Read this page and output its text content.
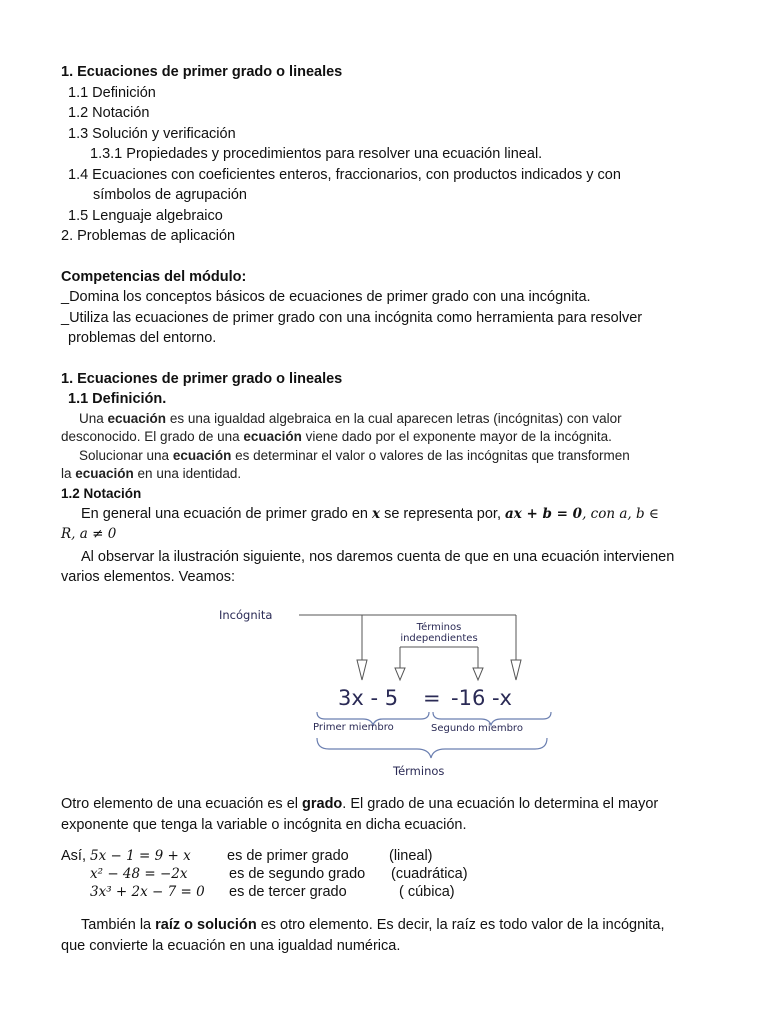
1. Ecuaciones de primer grado o lineales
1.1 Definición
1.2 Notación
1.3 Solución y verificación
1.3.1 Propiedades y procedimientos para resolver una ecuación lineal.
1.4 Ecuaciones con coeficientes enteros, fraccionarios, con productos indicados y con
símbolos de agrupación
1.5 Lenguaje algebraico
2. Problemas de aplicación
Competencias del módulo:
_Domina los conceptos básicos de ecuaciones de primer grado con una incógnita.
_Utiliza las ecuaciones de primer grado con una incógnita como herramienta para resolver
problemas del entorno.
1. Ecuaciones de primer grado o lineales
1.1 Definición.
Una ecuación es una igualdad algebraica en la cual aparecen letras (incógnitas) con valor
desconocido. El grado de una ecuación viene dado por el exponente mayor de la incógnita.
Solucionar una ecuación es determinar el valor o valores de las incógnitas que transformen
la ecuación en una identidad.
1.2 Notación
En general una ecuación de primer grado en x se representa por, ax + b = 0, con a, b ∈
R, a ≠ 0
Al observar la ilustración siguiente, nos daremos cuenta de que en una ecuación intervienen
varios elementos. Veamos:
Incógnita
Términos
independientes
3x - 5 = -16 -x
Primer miembro	Segundo miembro
Términos
Otro elemento de una ecuación es el grado. El grado de una ecuación lo determina el mayor
exponente que tenga la variable o incógnita en dicha ecuación.
Así, 5x − 1 = 9 + x	es de primer grado	(lineal)
x² − 48 = −2x	es de segundo grado	(cuadrática)
3x³ + 2x − 7 = 0	es de tercer grado	( cúbica)
También la raíz o solución es otro elemento. Es decir, la raíz es todo valor de la incógnita,
que convierte la ecuación en una igualdad numérica.
